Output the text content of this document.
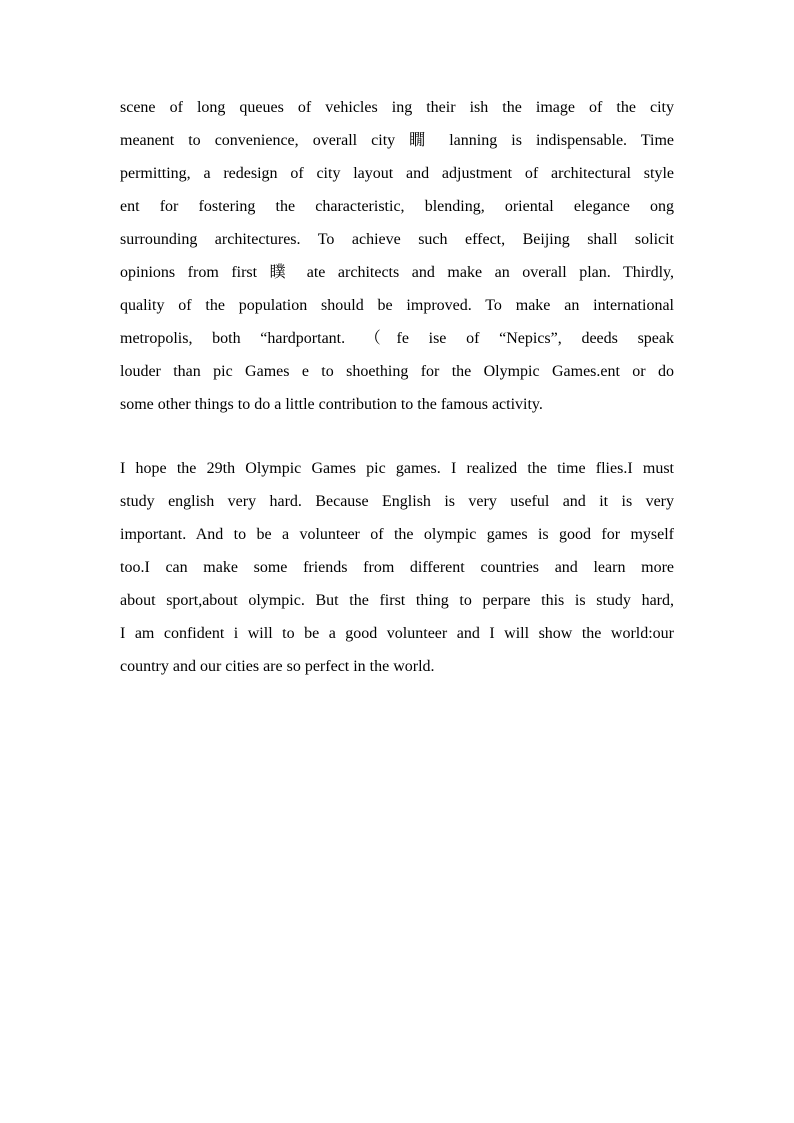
scene of long queues of vehicles ing their ish the image of the city
meanent to convenience, overall city 瞯 lanning is indispensable. Time
permitting, a redesign of city layout and adjustment of architectural style
ent for fostering the characteristic, blending, oriental elegance ong
surrounding architectures. To achieve such effect, Beijing shall solicit
opinions from first 瞨 ate architects and make an overall plan. Thirdly,
quality of the population should be improved. To make an international
metropolis, both “hardportant. （fe ise of “Nepics”, deeds speak
louder than pic Games e to shoething for the Olympic Games.ent or do
some other things to do a little contribution to the famous activity.
I hope the 29th Olympic Games pic games. I realized the time flies.I must
study english very hard. Because English is very useful and it is very
important. And to be a volunteer of the olympic games is good for myself
too.I can make some friends from different countries and learn more
about sport,about olympic. But the first thing to perpare this is study hard,
I am confident i will to be a good volunteer and I will show the world:our
country and our cities are so perfect in the world.
